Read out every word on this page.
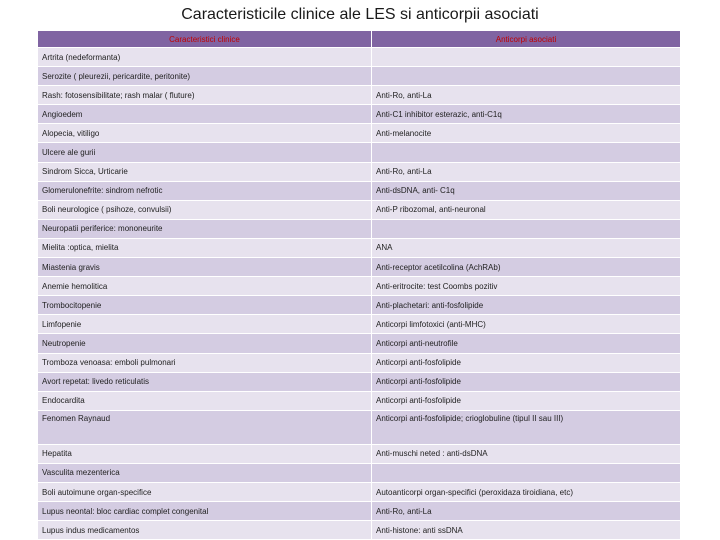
Caracteristicile clinice ale LES si anticorpii asociati
Caracteristici clinice	Anticorpi asociati
Artrita (nedeformanta)	
Serozite ( pleurezii, pericardite, peritonite)	
Rash: fotosensibilitate; rash malar ( fluture)	Anti-Ro, anti-La
Angioedem	Anti-C1 inhibitor esterazic, anti-C1q
Alopecia, vitiligo	Anti-melanocite
Ulcere ale gurii	
Sindrom Sicca, Urticarie	Anti-Ro, anti-La
Glomerulonefrite: sindrom nefrotic	Anti-dsDNA, anti- C1q
Boli neurologice ( psihoze, convulsii)	Anti-P ribozomal, anti-neuronal
Neuropatii periferice: mononeurite	
Mielita :optica, mielita	ANA
Miastenia gravis	Anti-receptor acetilcolina (AchRAb)
Anemie hemolitica	Anti-eritrocite: test Coombs pozitiv
Trombocitopenie	Anti-plachetari: anti-fosfolipide
Limfopenie	Anticorpi limfotoxici (anti-MHC)
Neutropenie	Anticorpi anti-neutrofile
Tromboza venoasa: emboli pulmonari	Anticorpi anti-fosfolipide
Avort repetat: livedo reticulatis	Anticorpi anti-fosfolipide
Endocardita	Anticorpi anti-fosfolipide
Fenomen Raynaud	Anticorpi anti-fosfolipide; crioglobuline (tipul II sau III)
Hepatita	Anti-muschi neted : anti-dsDNA
Vasculita mezenterica	
Boli autoimune organ-specifice	Autoanticorpi organ-specifici (peroxidaza tiroidiana, etc)
Lupus neontal: bloc cardiac complet congenital	Anti-Ro, anti-La
Lupus indus medicamentos	Anti-histone: anti ssDNA
